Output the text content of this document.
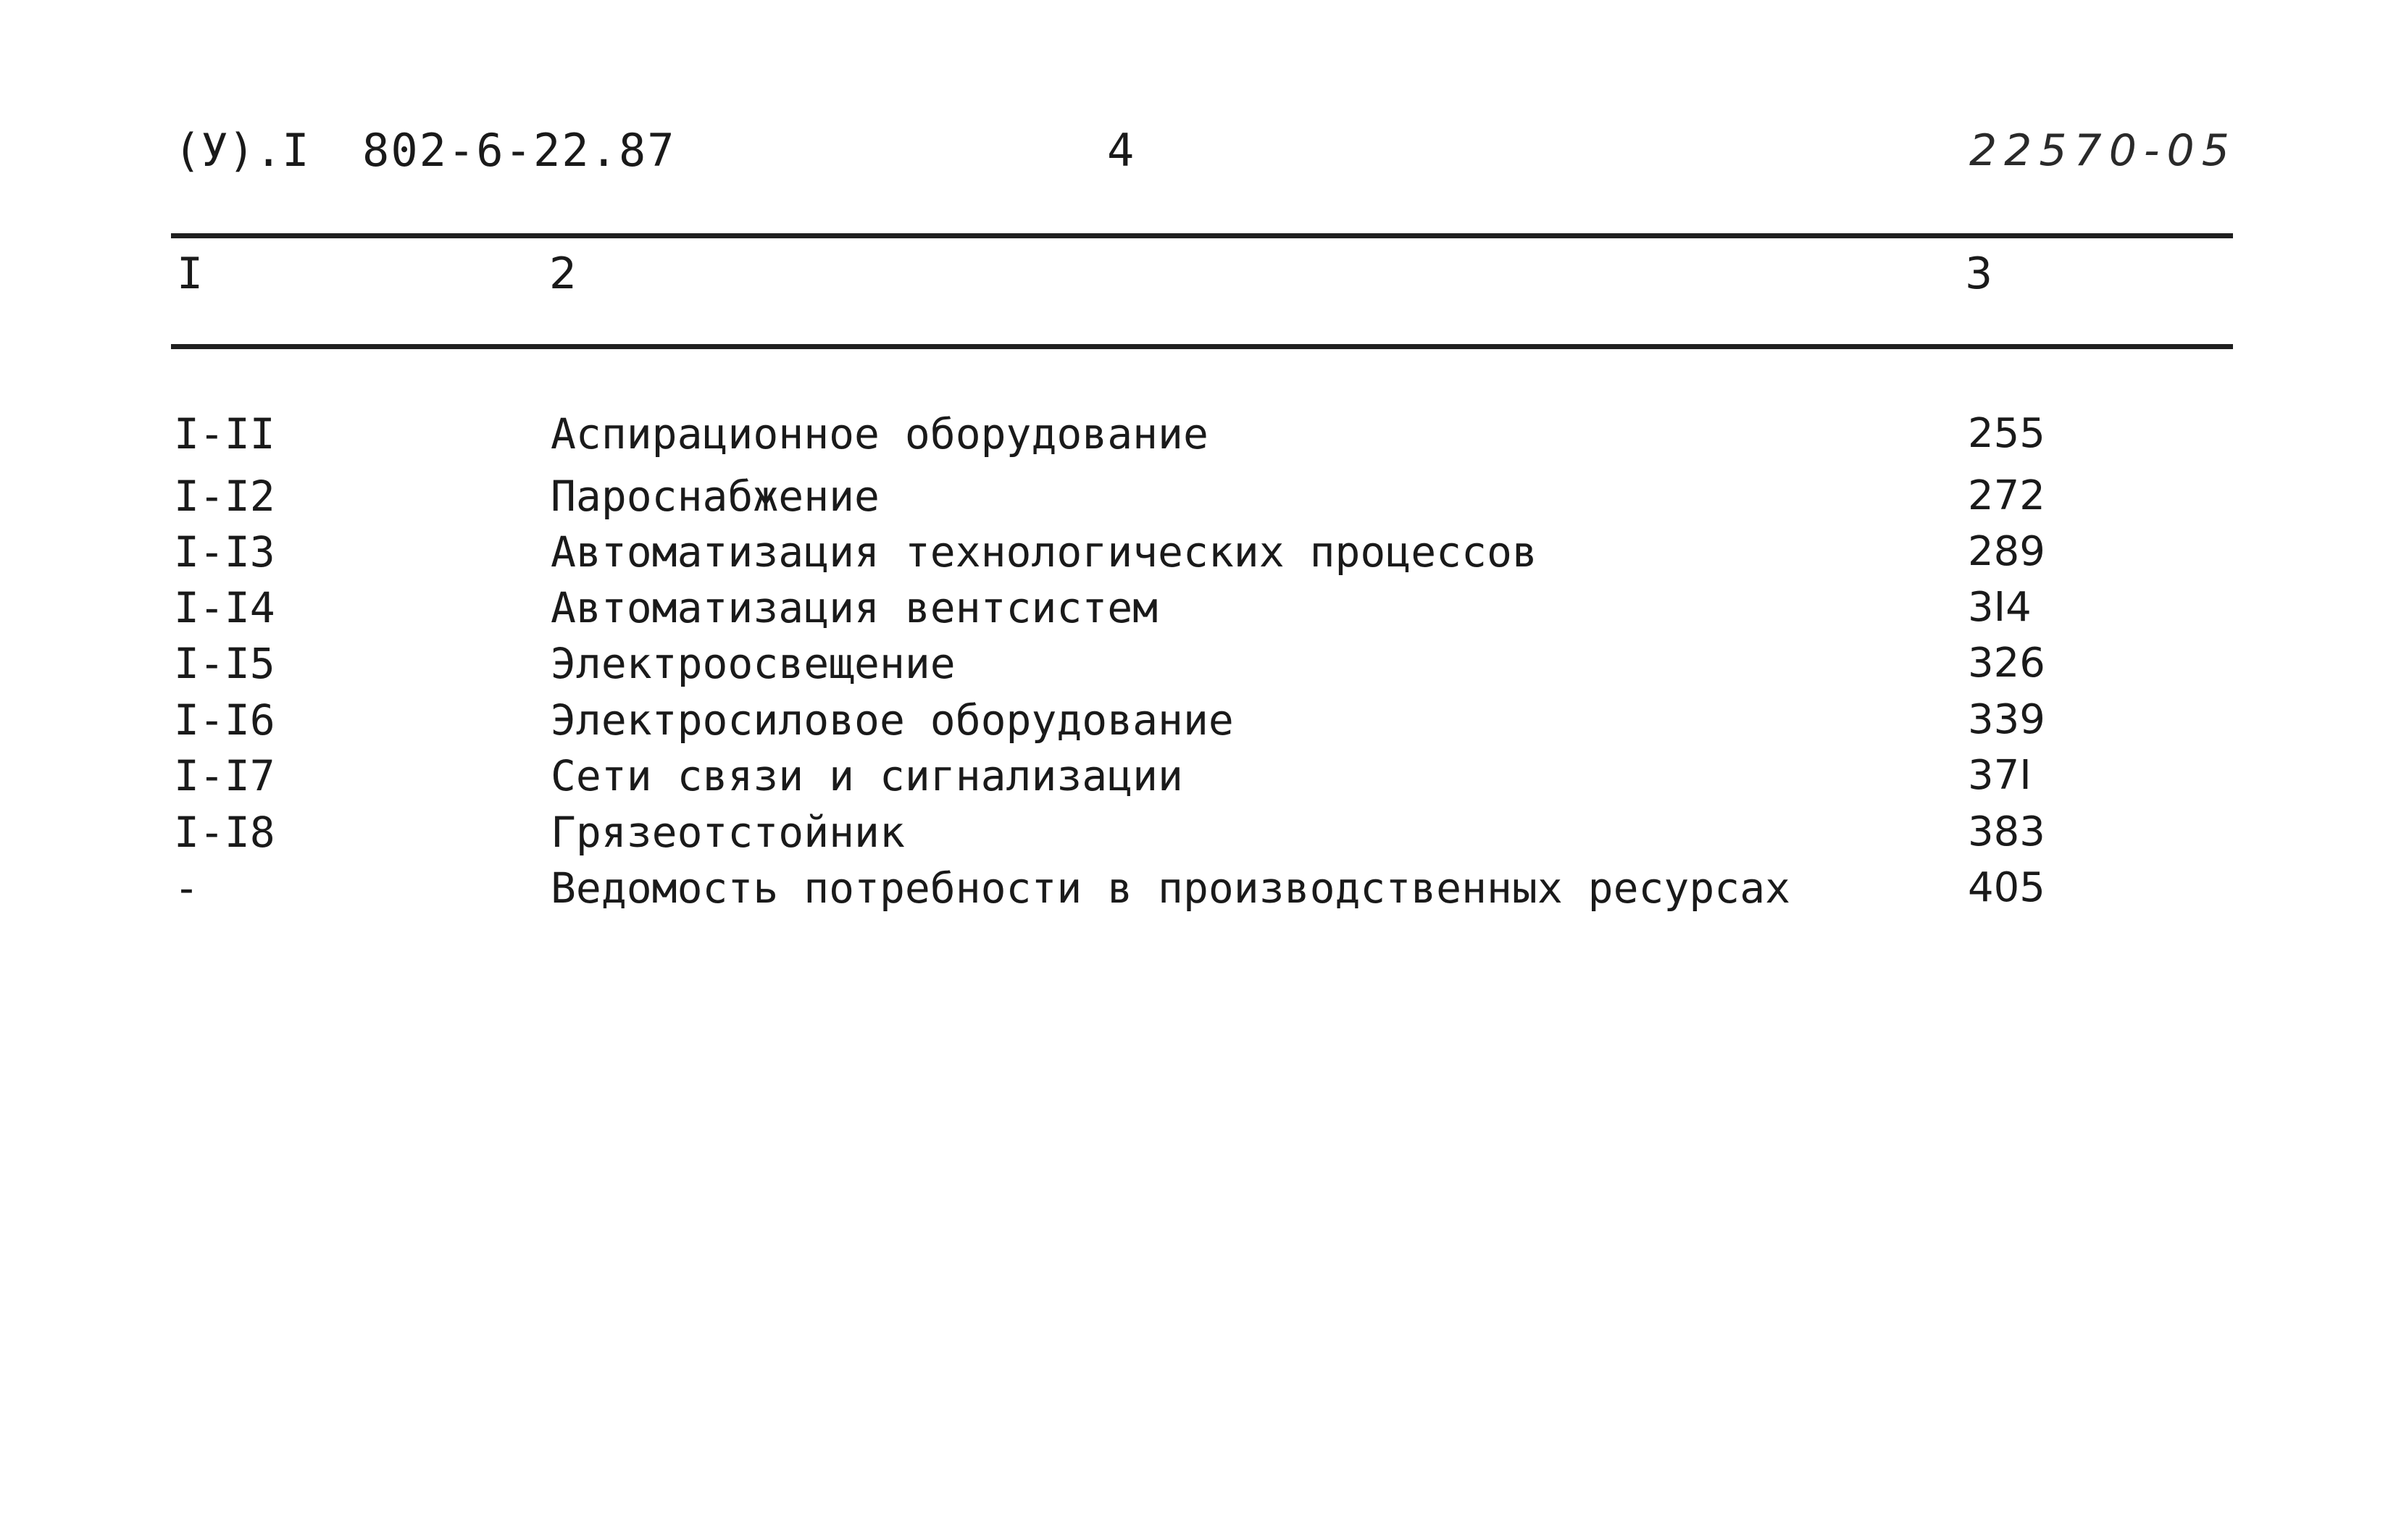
(У).I 802-6-22.87	4	22570-05
I	2	3
I-II	Аспирационное оборудование	255
I-I2	Пароснабжение	272
I-I3	Автоматизация технологических процессов	289
I-I4	Автоматизация вентсистем	3I4
I-I5	Электроосвещение	326
I-I6	Электросиловое оборудование	339
I-I7	Сети связи и сигнализации	37I
I-I8	Грязеотстойник	383
-	Ведомость потребности в производственных ресурсах	405
